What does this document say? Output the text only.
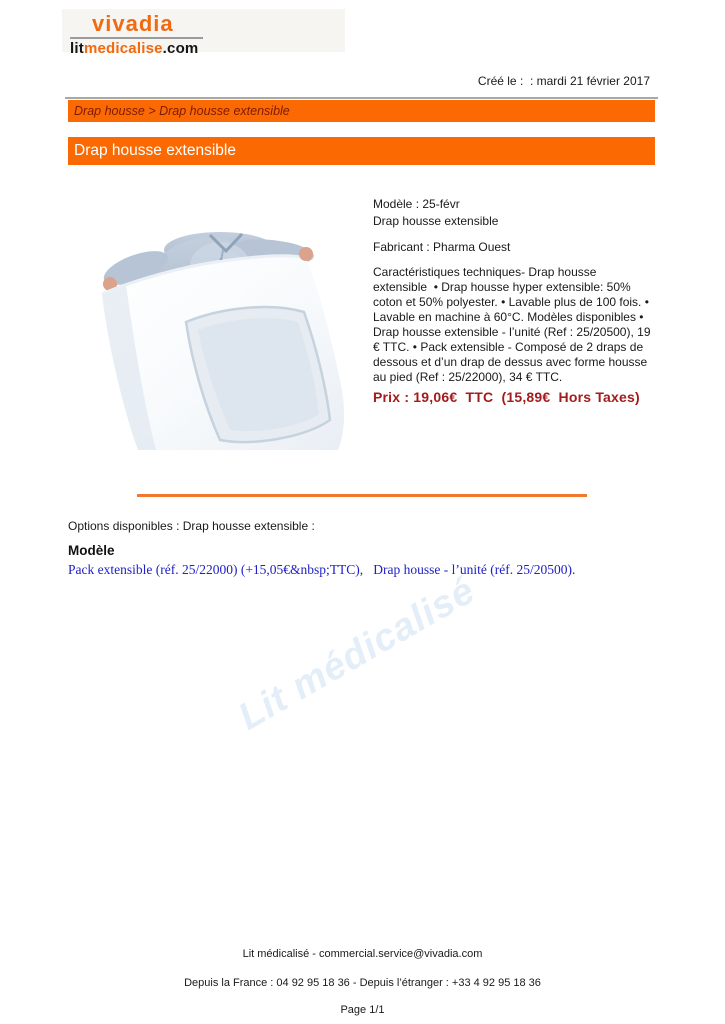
vivadia
litmedicalise.com
Créé le :  : mardi 21 février 2017
Drap housse > Drap housse extensible
Drap housse extensible

Modèle : 25-févr

Drap housse extensible

Fabricant : Pharma Ouest

Caractéristiques techniques- Drap housse extensible  • Drap housse hyper extensible: 50% coton et 50% polyester. • Lavable plus de 100 fois. • Lavable en machine à 60°C. Modèles disponibles • Drap housse extensible - l’unité (Ref : 25/20500), 19 € TTC. • Pack extensible - Composé de 2 draps de dessous et d’un drap de dessus avec forme housse au pied (Ref : 25/22000), 34 € TTC.
Prix : 19,06€  TTC  (15,89€  Hors Taxes)
Options disponibles : Drap housse extensible :
Modèle
Pack extensible (réf. 25/22000) (+15,05€&nbsp;TTC),   Drap housse - l’unité (réf. 25/20500).
Lit médicalisé

Lit médicalisé - commercial.service@vivadia.com

Depuis la France : 04 92 95 18 36 - Depuis l’étranger : +33 4 92 95 18 36

Page 1/1
